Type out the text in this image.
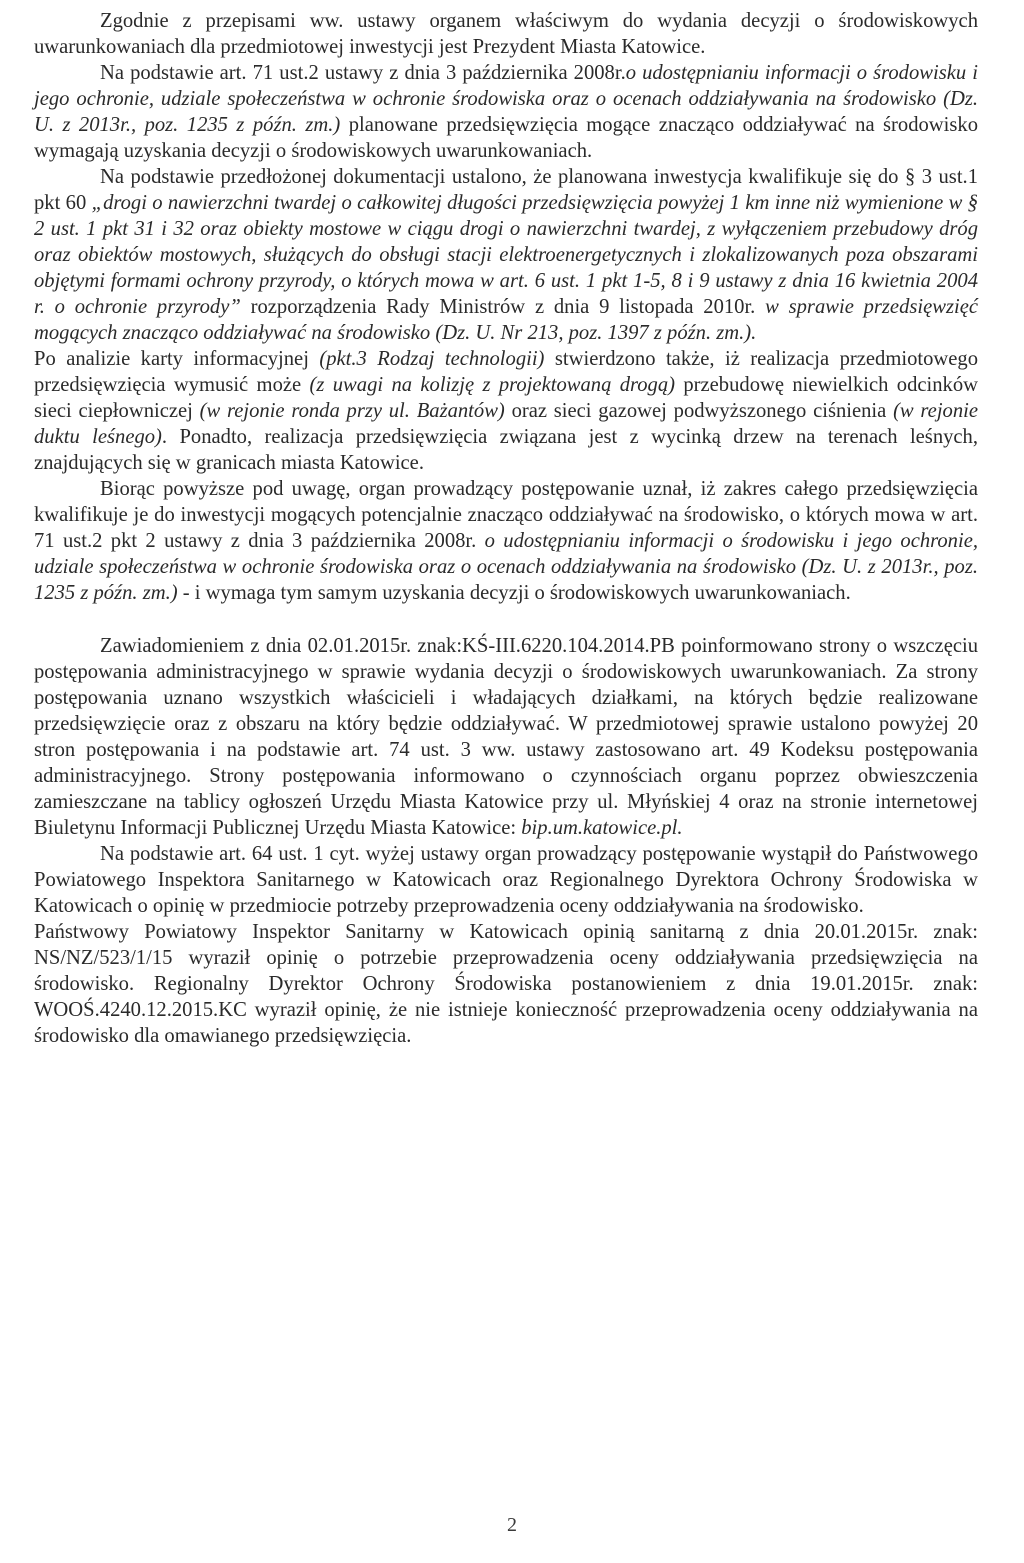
Zgodnie z przepisami ww. ustawy organem właściwym do wydania decyzji o środowiskowych uwarunkowaniach dla przedmiotowej inwestycji jest Prezydent Miasta Katowice.

Na podstawie art. 71 ust.2 ustawy z dnia 3 października 2008r.o udostępnianiu informacji o środowisku i jego ochronie, udziale społeczeństwa w ochronie środowiska oraz o ocenach oddziaływania na środowisko (Dz. U. z 2013r., poz. 1235 z późn. zm.) planowane przedsięwzięcia mogące znacząco oddziaływać na środowisko wymagają uzyskania decyzji o środowiskowych uwarunkowaniach.

Na podstawie przedłożonej dokumentacji ustalono, że planowana inwestycja kwalifikuje się do § 3 ust.1 pkt 60 „drogi o nawierzchni twardej o całkowitej długości przedsięwzięcia powyżej 1 km inne niż wymienione w § 2 ust. 1 pkt 31 i 32 oraz obiekty mostowe w ciągu drogi o nawierzchni twardej, z wyłączeniem przebudowy dróg oraz obiektów mostowych, służących do obsługi stacji elektroenergetycznych i zlokalizowanych poza obszarami objętymi formami ochrony przyrody, o których mowa w art. 6 ust. 1 pkt 1-5, 8 i 9 ustawy z dnia 16 kwietnia 2004 r. o ochronie przyrody” rozporządzenia Rady Ministrów z dnia 9 listopada 2010r. w sprawie przedsięwzięć mogących znacząco oddziaływać na środowisko (Dz. U. Nr 213, poz. 1397 z późn. zm.).

Po analizie karty informacyjnej (pkt.3 Rodzaj technologii) stwierdzono także, iż realizacja przedmiotowego przedsięwzięcia wymusić może (z uwagi na kolizję z projektowaną drogą) przebudowę niewielkich odcinków sieci ciepłowniczej (w rejonie ronda przy ul. Bażantów) oraz sieci gazowej podwyższonego ciśnienia (w rejonie duktu leśnego). Ponadto, realizacja przedsięwzięcia związana jest z wycinką drzew na terenach leśnych, znajdujących się w granicach miasta Katowice.

Biorąc powyższe pod uwagę, organ prowadzący postępowanie uznał, iż zakres całego przedsięwzięcia kwalifikuje je do inwestycji mogących potencjalnie znacząco oddziaływać na środowisko, o których mowa w art. 71 ust.2 pkt 2 ustawy z dnia 3 października 2008r. o udostępnianiu informacji o środowisku i jego ochronie, udziale społeczeństwa w ochronie środowiska oraz o ocenach oddziaływania na środowisko (Dz. U. z 2013r., poz. 1235 z późn. zm.) - i wymaga tym samym uzyskania decyzji o środowiskowych uwarunkowaniach.

Zawiadomieniem z dnia 02.01.2015r. znak:KŚ-III.6220.104.2014.PB poinformowano strony o wszczęciu postępowania administracyjnego w sprawie wydania decyzji o środowiskowych uwarunkowaniach. Za strony postępowania uznano wszystkich właścicieli i władających działkami, na których będzie realizowane przedsięwzięcie oraz z obszaru na który będzie oddziaływać. W przedmiotowej sprawie ustalono powyżej 20 stron postępowania i na podstawie art. 74 ust. 3 ww. ustawy zastosowano art. 49 Kodeksu postępowania administracyjnego. Strony postępowania informowano o czynnościach organu poprzez obwieszczenia zamieszczane na tablicy ogłoszeń Urzędu Miasta Katowice przy ul. Młyńskiej 4 oraz na stronie internetowej Biuletynu Informacji Publicznej Urzędu Miasta Katowice: bip.um.katowice.pl.

Na podstawie art. 64 ust. 1 cyt. wyżej ustawy organ prowadzący postępowanie wystąpił do Państwowego Powiatowego Inspektora Sanitarnego w Katowicach oraz Regionalnego Dyrektora Ochrony Środowiska w Katowicach o opinię w przedmiocie potrzeby przeprowadzenia oceny oddziaływania na środowisko.

Państwowy Powiatowy Inspektor Sanitarny w Katowicach opinią sanitarną z dnia 20.01.2015r. znak: NS/NZ/523/1/15 wyraził opinię o potrzebie przeprowadzenia oceny oddziaływania przedsięwzięcia na środowisko. Regionalny Dyrektor Ochrony Środowiska postanowieniem z dnia 19.01.2015r. znak: WOOŚ.4240.12.2015.KC wyraził opinię, że nie istnieje konieczność przeprowadzenia oceny oddziaływania na środowisko dla omawianego przedsięwzięcia.

2
